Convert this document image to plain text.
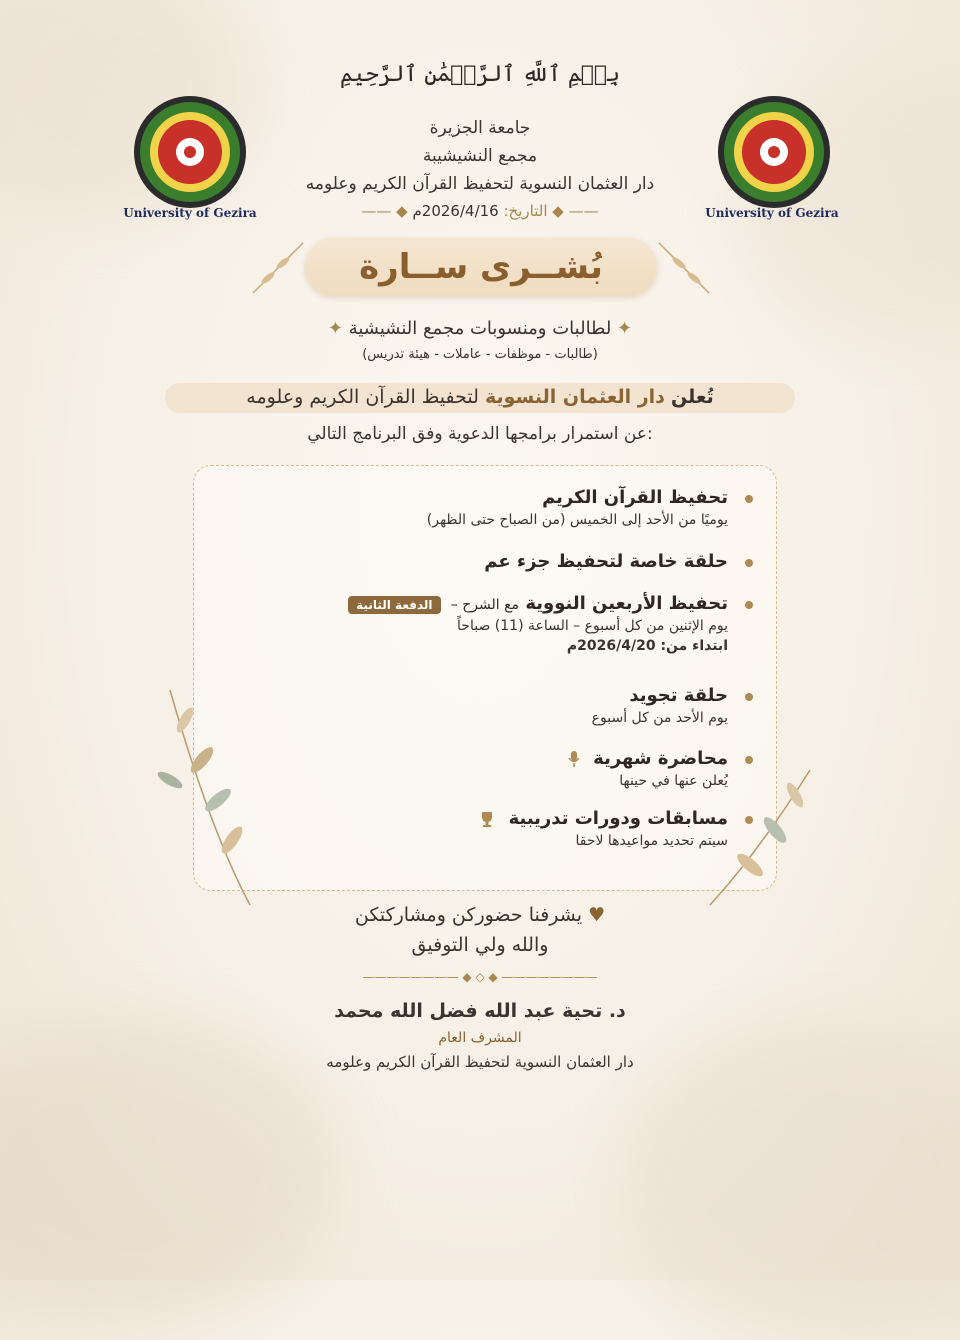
بِسۡمِ ٱللَّهِ ٱلرَّحۡمَٰنِ ٱلرَّحِيمِ
University of Gezira	University of Gezira
جامعة الجزيرة
مجمع النشيشيبة
دار العثمان النسوية لتحفيظ القرآن الكريم وعلومه
—— ◆ التاريخ: 2026/4/16م ◆ ——
بُشــرى ســارة
✦ لطالبات ومنسوبات مجمع النشيشية ✦
(طالبات - موظفات - عاملات - هيئة تدريس)
تُعلن دار العثمان النسوية لتحفيظ القرآن الكريم وعلومه
عن استمرار برامجها الدعوية وفق البرنامج التالي:
تحفيظ القرآن الكريم

يوميًا من الأحد إلى الخميس (من الصباح حتى الظهر)

حلقة خاصة لتحفيظ جزء عم
تحفيظ الأربعين النووية مع الشرح – الدفعة الثانية

يوم الإثنين من كل أسبوع – الساعة (11) صباحاً

ابتداء من: 2026/4/20م

حلقة تجويد

يوم الأحد من كل أسبوع

محاضرة شهرية

يُعلن عنها في حينها

مسابقات ودورات تدريبية

سيتم تحديد مواعيدها لاحقا

♥ يشرفنا حضوركن ومشاركتكن
والله ولي التوفيق
———————— ◆ ◇ ◆ ————————
د. تحية عبد الله فضل الله محمد
المشرف العام
دار العثمان النسوية لتحفيظ القرآن الكريم وعلومه
